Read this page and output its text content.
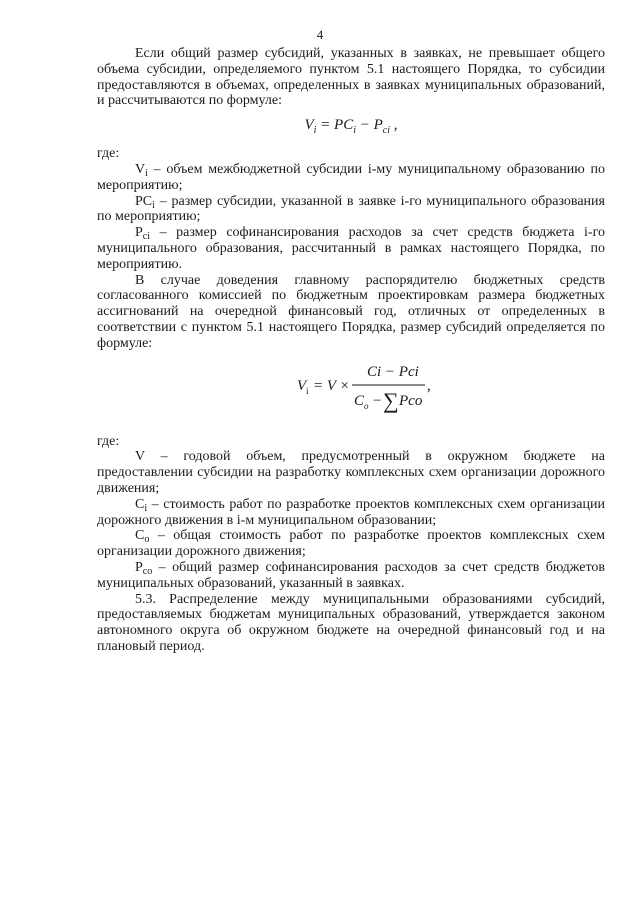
4

Если общий размер субсидий, указанных в заявках, не превышает общего объема субсидии, определяемого пунктом 5.1 настоящего Порядка, то субсидии предоставляются в объемах, определенных в заявках муниципальных образований, и рассчитываются по формуле:

$V_i = PC_i - P_{ci}$ ,

где:

$V_i$ – объем межбюджетной субсидии i-му муниципальному образованию по мероприятию;

$PC_i$ – размер субсидии, указанной в заявке i-го муниципального образования по мероприятию;

$P_{ci}$ – размер софинансирования расходов за счет средств бюджета i-го муниципального образования, рассчитанный в рамках настоящего Порядка, по мероприятию.

В случае доведения главному распорядителю бюджетных средств согласованного комиссией по бюджетным проектировкам размера бюджетных ассигнований на очередной финансовый год, отличных от определенных в соответствии с пунктом 5.1 настоящего Порядка, размер субсидий определяется по формуле:

V i = V ×
Ci − Pci
C o − ∑ Pco
,

где:

V – годовой объем, предусмотренный в окружном бюджете на предоставлении субсидии на разработку комплексных схем организации дорожного движения;

$C_i$ – стоимость работ по разработке проектов комплексных схем организации дорожного движения в i-м муниципальном образовании;

$C_o$ – общая стоимость работ по разработке проектов комплексных схем организации дорожного движения;

$P_{co}$ – общий размер софинансирования расходов за счет средств бюджетов муниципальных образований, указанный в заявках.

5.3. Распределение между муниципальными образованиями субсидий, предоставляемых бюджетам муниципальных образований, утверждается законом автономного округа об окружном бюджете на очередной финансовый год и на плановый период.
